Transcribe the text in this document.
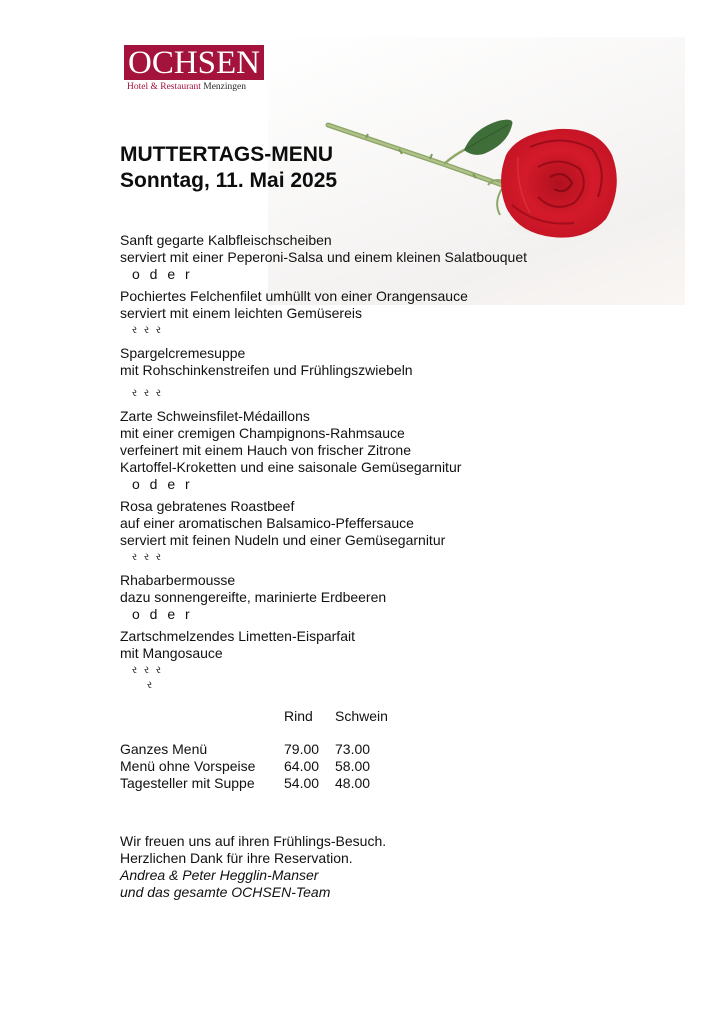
OCHSEN
Hotel & Restaurant Menzingen
MUTTERTAGS-MENU
Sonntag, 11. Mai 2025
Sanft gegarte Kalbfleischscheiben
serviert mit einer Peperoni-Salsa und einem kleinen Salatbouquet
o d e r
Pochiertes Felchenfilet umhüllt von einer Orangensauce
serviert mit einem leichten Gemüsereis
ર ર ર
Spargelcremesuppe
mit Rohschinkenstreifen und Frühlingszwiebeln
ર ર ર
Zarte Schweinsfilet-Médaillons
mit einer cremigen Champignons-Rahmsauce
verfeinert mit einem Hauch von frischer Zitrone
Kartoffel-Kroketten und eine saisonale Gemüsegarnitur
o d e r
Rosa gebratenes Roastbeef
auf einer aromatischen Balsamico-Pfeffersauce
serviert mit feinen Nudeln und einer Gemüsegarnitur
ર ર ર
Rhabarbermousse
dazu sonnengereifte, marinierte Erdbeeren
o d e r
Zartschmelzendes Limetten-Eisparfait
mit Mangosauce
ર ર ર
ર
	Rind	Schwein
Ganzes Menü	79.00	73.00
Menü ohne Vorspeise	64.00	58.00
Tagesteller mit Suppe	54.00	48.00
Wir freuen uns auf ihren Frühlings-Besuch.
Herzlichen Dank für ihre Reservation.
Andrea & Peter Hegglin-Manser
und das gesamte OCHSEN-Team
